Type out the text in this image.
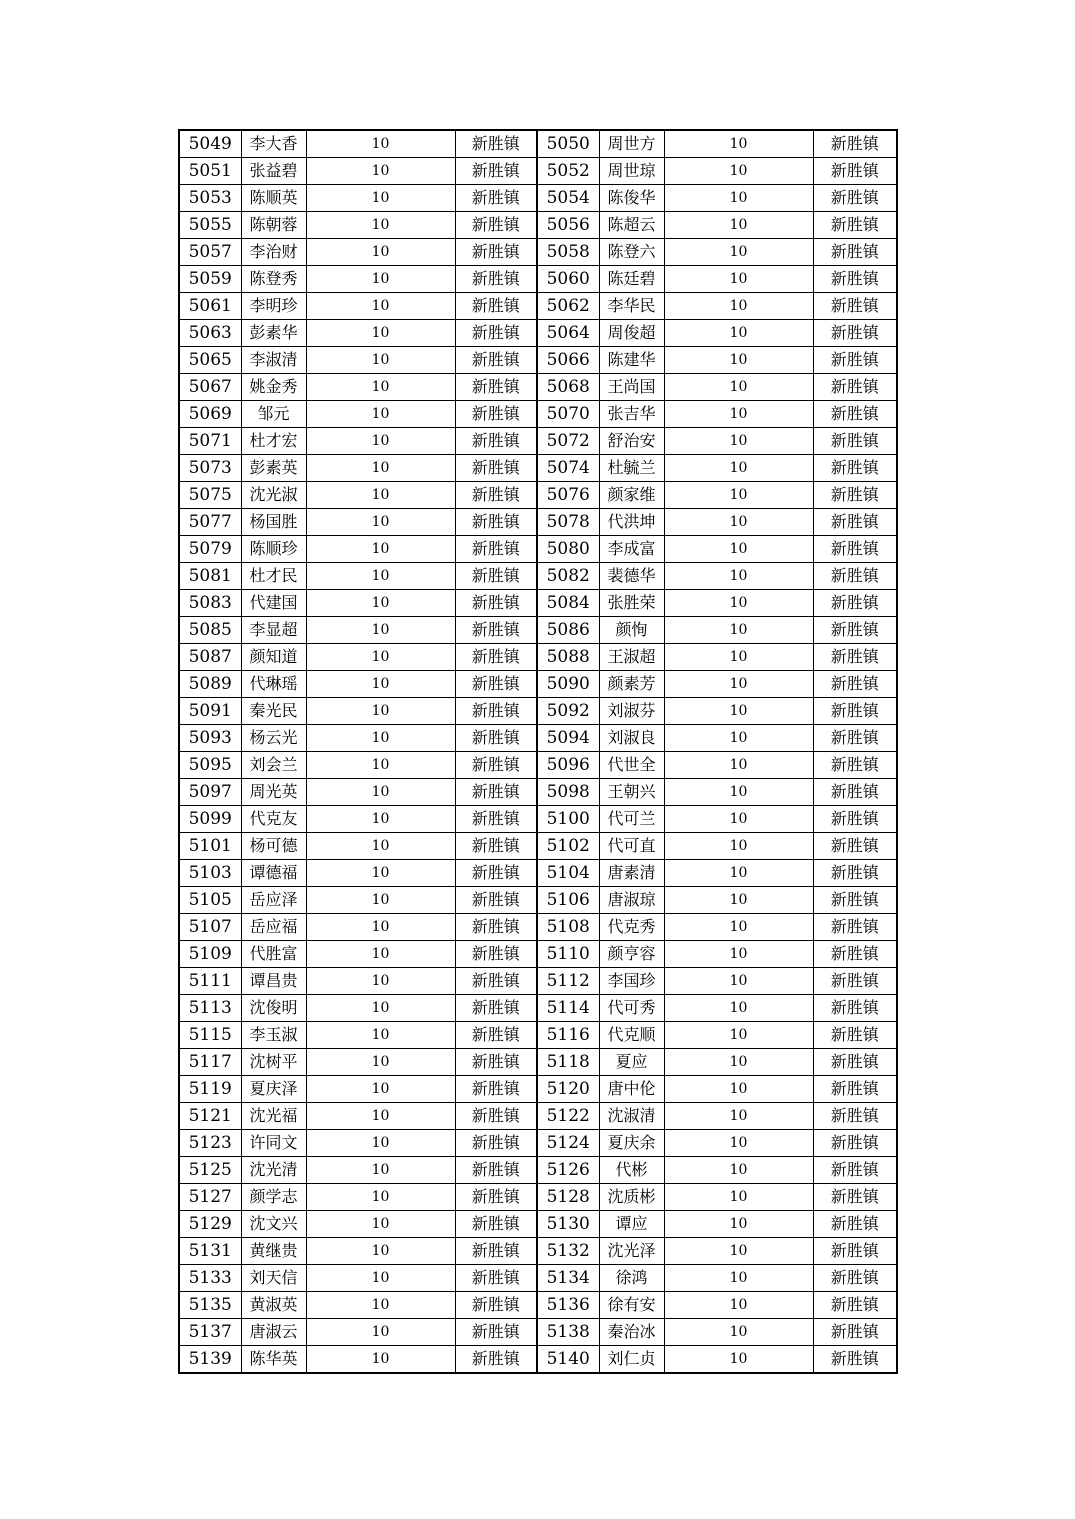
5049	李大香	10	新胜镇	5050	周世方	10	新胜镇
5051	张益碧	10	新胜镇	5052	周世琼	10	新胜镇
5053	陈顺英	10	新胜镇	5054	陈俊华	10	新胜镇
5055	陈朝蓉	10	新胜镇	5056	陈超云	10	新胜镇
5057	李治财	10	新胜镇	5058	陈登六	10	新胜镇
5059	陈登秀	10	新胜镇	5060	陈廷碧	10	新胜镇
5061	李明珍	10	新胜镇	5062	李华民	10	新胜镇
5063	彭素华	10	新胜镇	5064	周俊超	10	新胜镇
5065	李淑清	10	新胜镇	5066	陈建华	10	新胜镇
5067	姚金秀	10	新胜镇	5068	王尚国	10	新胜镇
5069	邹元	10	新胜镇	5070	张吉华	10	新胜镇
5071	杜才宏	10	新胜镇	5072	舒治安	10	新胜镇
5073	彭素英	10	新胜镇	5074	杜毓兰	10	新胜镇
5075	沈光淑	10	新胜镇	5076	颜家维	10	新胜镇
5077	杨国胜	10	新胜镇	5078	代洪坤	10	新胜镇
5079	陈顺珍	10	新胜镇	5080	李成富	10	新胜镇
5081	杜才民	10	新胜镇	5082	裴德华	10	新胜镇
5083	代建国	10	新胜镇	5084	张胜荣	10	新胜镇
5085	李显超	10	新胜镇	5086	颜恂	10	新胜镇
5087	颜知道	10	新胜镇	5088	王淑超	10	新胜镇
5089	代琳瑶	10	新胜镇	5090	颜素芳	10	新胜镇
5091	秦光民	10	新胜镇	5092	刘淑芬	10	新胜镇
5093	杨云光	10	新胜镇	5094	刘淑良	10	新胜镇
5095	刘会兰	10	新胜镇	5096	代世全	10	新胜镇
5097	周光英	10	新胜镇	5098	王朝兴	10	新胜镇
5099	代克友	10	新胜镇	5100	代可兰	10	新胜镇
5101	杨可德	10	新胜镇	5102	代可直	10	新胜镇
5103	谭德福	10	新胜镇	5104	唐素清	10	新胜镇
5105	岳应泽	10	新胜镇	5106	唐淑琼	10	新胜镇
5107	岳应福	10	新胜镇	5108	代克秀	10	新胜镇
5109	代胜富	10	新胜镇	5110	颜亨容	10	新胜镇
5111	谭昌贵	10	新胜镇	5112	李国珍	10	新胜镇
5113	沈俊明	10	新胜镇	5114	代可秀	10	新胜镇
5115	李玉淑	10	新胜镇	5116	代克顺	10	新胜镇
5117	沈树平	10	新胜镇	5118	夏应	10	新胜镇
5119	夏庆泽	10	新胜镇	5120	唐中伦	10	新胜镇
5121	沈光福	10	新胜镇	5122	沈淑清	10	新胜镇
5123	许同文	10	新胜镇	5124	夏庆余	10	新胜镇
5125	沈光清	10	新胜镇	5126	代彬	10	新胜镇
5127	颜学志	10	新胜镇	5128	沈质彬	10	新胜镇
5129	沈文兴	10	新胜镇	5130	谭应	10	新胜镇
5131	黄继贵	10	新胜镇	5132	沈光泽	10	新胜镇
5133	刘天信	10	新胜镇	5134	徐鸿	10	新胜镇
5135	黄淑英	10	新胜镇	5136	徐有安	10	新胜镇
5137	唐淑云	10	新胜镇	5138	秦治冰	10	新胜镇
5139	陈华英	10	新胜镇	5140	刘仁贞	10	新胜镇
